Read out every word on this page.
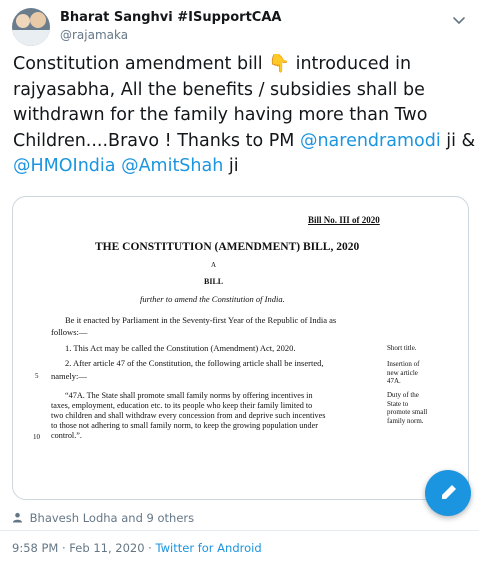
Bharat Sanghvi #ISupportCAA
@rajamaka
Constitution amendment bill 👇 introduced in
rajyasabha, All the benefits / subsidies shall be
withdrawn for the family having more than Two
Children....Bravo ! Thanks to PM @narendramodi ji &
@HMOIndia @AmitShah ji
Bill No. III of 2020
THE CONSTITUTION (AMENDMENT) BILL, 2020
A
BILL
further to amend the Constitution of India.
Be it enacted by Parliament in the Seventy-first Year of the Republic of India as
follows:—
1. This Act may be called the Constitution (Amendment) Act, 2020.	Short title.
2. After article 47 of the Constitution, the following article shall be inserted,
namely:—
5
Insertion of
new article
47A.
“47A. The State shall promote small family norms by offering incentives in
taxes, employment, education etc. to its people who keep their family limited to
two children and shall withdraw every concession from and deprive such incentives
to those not adhering to small family norm, to keep the growing population under
control.”.
Duty of the
State to
promote small
family norm.
10
Bhavesh Lodha and 9 others
9:58 PM · Feb 11, 2020 · Twitter for Android
